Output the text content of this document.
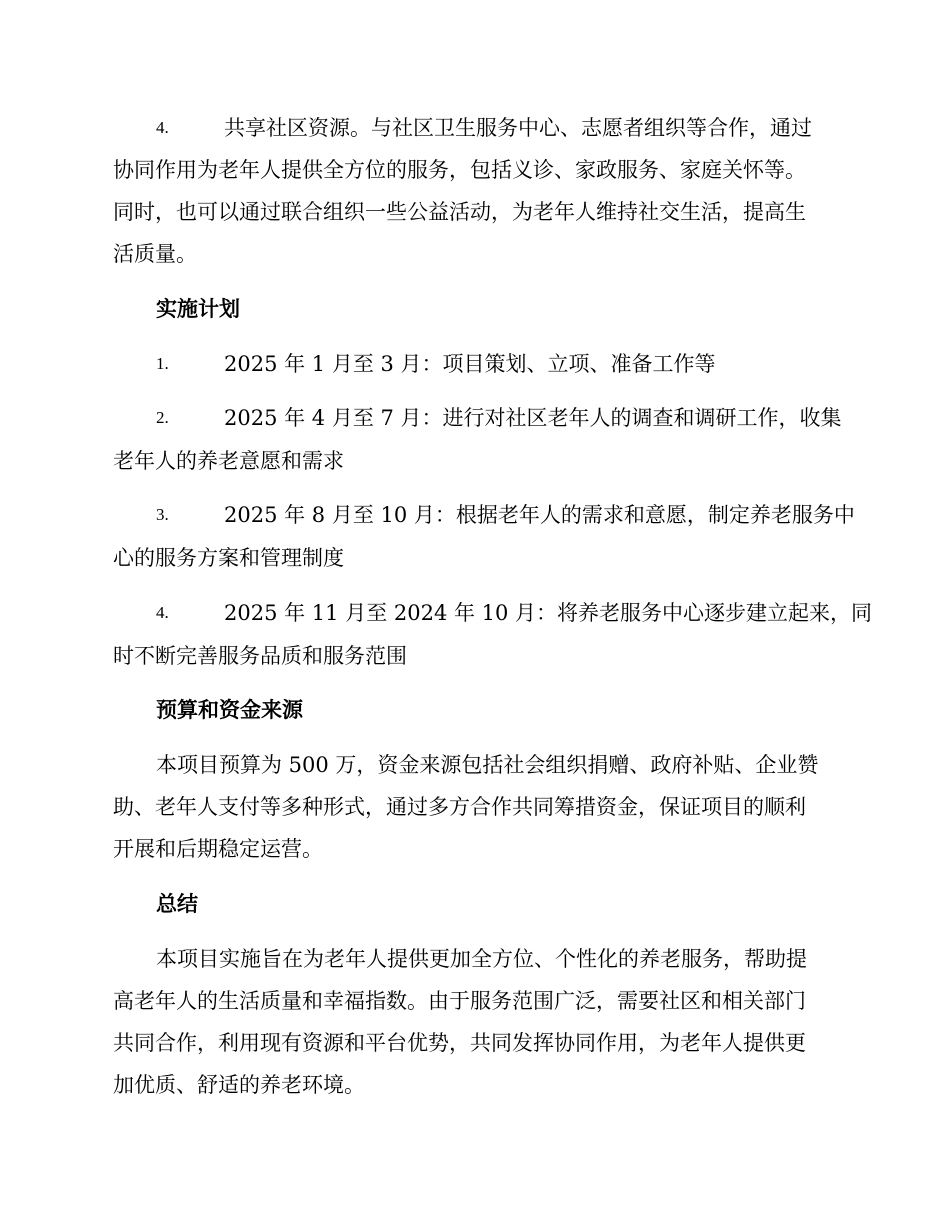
4.	共享社区资源。与社区卫生服务中心、志愿者组织等合作，通过
协同作用为老年人提供全方位的服务，包括义诊、家政服务、家庭关怀等。
同时，也可以通过联合组织一些公益活动，为老年人维持社交生活，提高生
活质量。
实施计划
1.	2025 年 1 月至 3 月：项目策划、立项、准备工作等
2.	2025 年 4 月至 7 月：进行对社区老年人的调查和调研工作，收集
老年人的养老意愿和需求
3.	2025 年 8 月至 10 月：根据老年人的需求和意愿，制定养老服务中
心的服务方案和管理制度
4.	2025 年 11 月至 2024 年 10 月：将养老服务中心逐步建立起来，同
时不断完善服务品质和服务范围
预算和资金来源
本项目预算为 500 万，资金来源包括社会组织捐赠、政府补贴、企业赞
助、老年人支付等多种形式，通过多方合作共同筹措资金，保证项目的顺利
开展和后期稳定运营。
总结
本项目实施旨在为老年人提供更加全方位、个性化的养老服务，帮助提
高老年人的生活质量和幸福指数。由于服务范围广泛，需要社区和相关部门
共同合作，利用现有资源和平台优势，共同发挥协同作用，为老年人提供更
加优质、舒适的养老环境。
